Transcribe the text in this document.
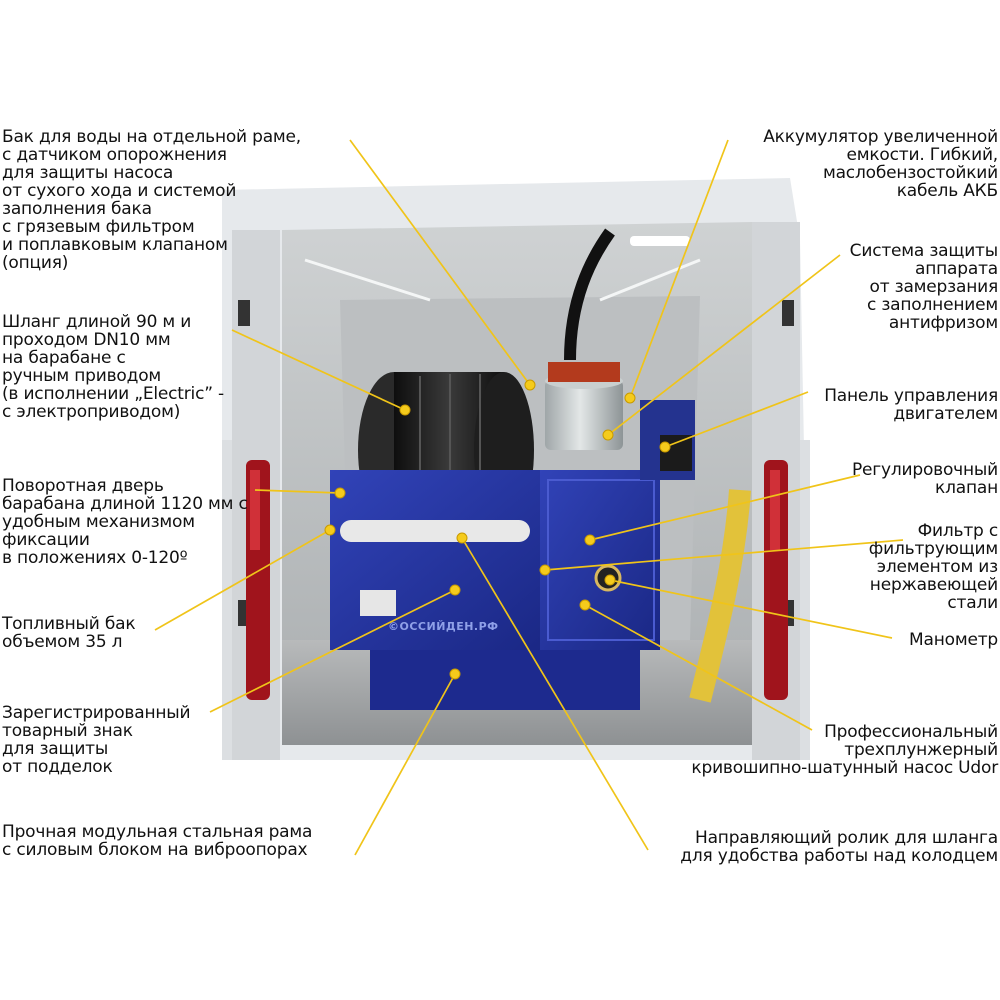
©ОССИЙДЕН.РФ
Бак для воды на отдельной раме,
с датчиком опорожнения
для защиты насоса
от сухого хода и системой
заполнения бака
с грязевым фильтром
и поплавковым клапаном
(опция)
Шланг длиной 90 м и
проходом DN10 мм
на барабане с
ручным приводом
(в исполнении „Electric” -
с электроприводом)
Поворотная дверь
барабана длиной 1120 мм с
удобным механизмом
фиксации
в положениях 0-120º
Топливный бак
объемом 35 л
Зарегистрированный
товарный знак
для защиты
от подделок
Прочная модульная стальная рама
с силовым блоком на виброопорах
Аккумулятор увеличенной
емкости. Гибкий,
маслобензостойкий
кабель АКБ
Система защиты
аппарата
от замерзания
с заполнением
антифризом
Панель управления
двигателем
Регулировочный
клапан
Фильтр с
фильтрующим
элементом из
нержавеющей
стали
Манометр
Профессиональный
трехплунжерный
кривошипно-шатунный насос Udor
Направляющий ролик для шланга
для удобства работы над колодцем
